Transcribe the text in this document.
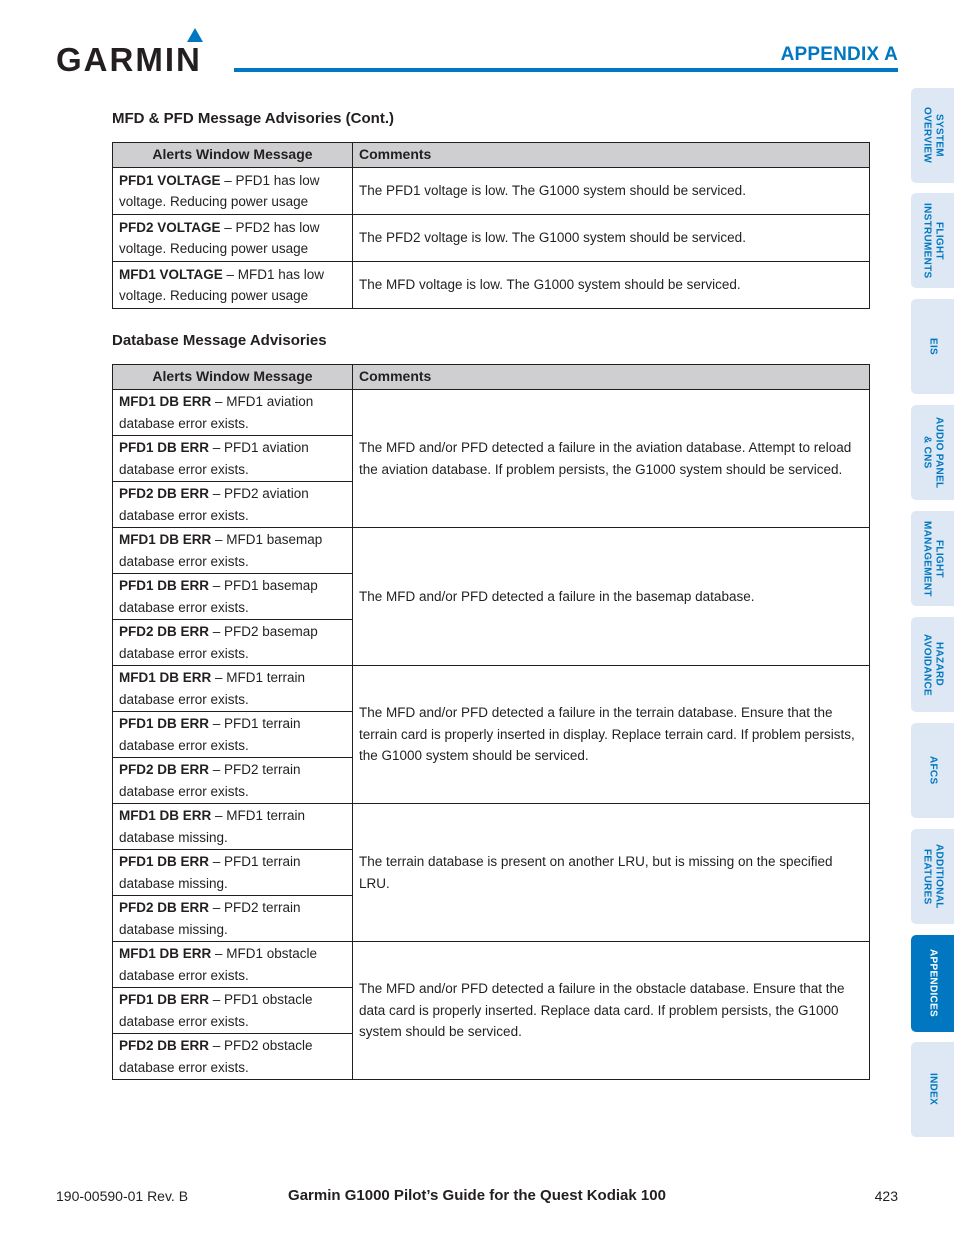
GARMIN	APPENDIX A
MFD & PFD Message Advisories (Cont.)
Alerts Window Message	Comments
PFD1 VOLTAGE – PFD1 has low voltage. Reducing power usage	The PFD1 voltage is low. The G1000 system should be serviced.
PFD2 VOLTAGE – PFD2 has low voltage. Reducing power usage	The PFD2 voltage is low. The G1000 system should be serviced.
MFD1 VOLTAGE – MFD1 has low voltage. Reducing power usage	The MFD voltage is low. The G1000 system should be serviced.
Database Message Advisories
Alerts Window Message	Comments
MFD1 DB ERR – MFD1 aviation database error exists.	The MFD and/or PFD detected a failure in the aviation database. Attempt to reload the aviation database. If problem persists, the G1000 system should be serviced.
PFD1 DB ERR – PFD1 aviation database error exists.	
PFD2 DB ERR – PFD2 aviation database error exists.	
MFD1 DB ERR – MFD1 basemap database error exists.	The MFD and/or PFD detected a failure in the basemap database.
PFD1 DB ERR – PFD1 basemap database error exists.	
PFD2 DB ERR – PFD2 basemap database error exists.	
MFD1 DB ERR – MFD1 terrain database error exists.	The MFD and/or PFD detected a failure in the terrain database. Ensure that the terrain card is properly inserted in display. Replace terrain card. If problem persists, the G1000 system should be serviced.
PFD1 DB ERR – PFD1 terrain database error exists.	
PFD2 DB ERR – PFD2 terrain database error exists.	
MFD1 DB ERR – MFD1 terrain database missing.	The terrain database is present on another LRU, but is missing on the specified LRU.
PFD1 DB ERR – PFD1 terrain database missing.	
PFD2 DB ERR – PFD2 terrain database missing.	
MFD1 DB ERR – MFD1 obstacle database error exists.	The MFD and/or PFD detected a failure in the obstacle database. Ensure that the data card is properly inserted. Replace data card. If problem persists, the G1000 system should be serviced.
PFD1 DB ERR – PFD1 obstacle database error exists.	
PFD2 DB ERR – PFD2 obstacle database error exists.	
SYSTEM
OVERVIEW
FLIGHT
INSTRUMENTS
EIS
AUDIO PANEL
& CNS
FLIGHT
MANAGEMENT
HAZARD
AVOIDANCE
AFCS
ADDITIONAL
FEATURES
APPENDICES
INDEX
190-00590-01 Rev. B	Garmin G1000 Pilot’s Guide for the Quest Kodiak 100	423
